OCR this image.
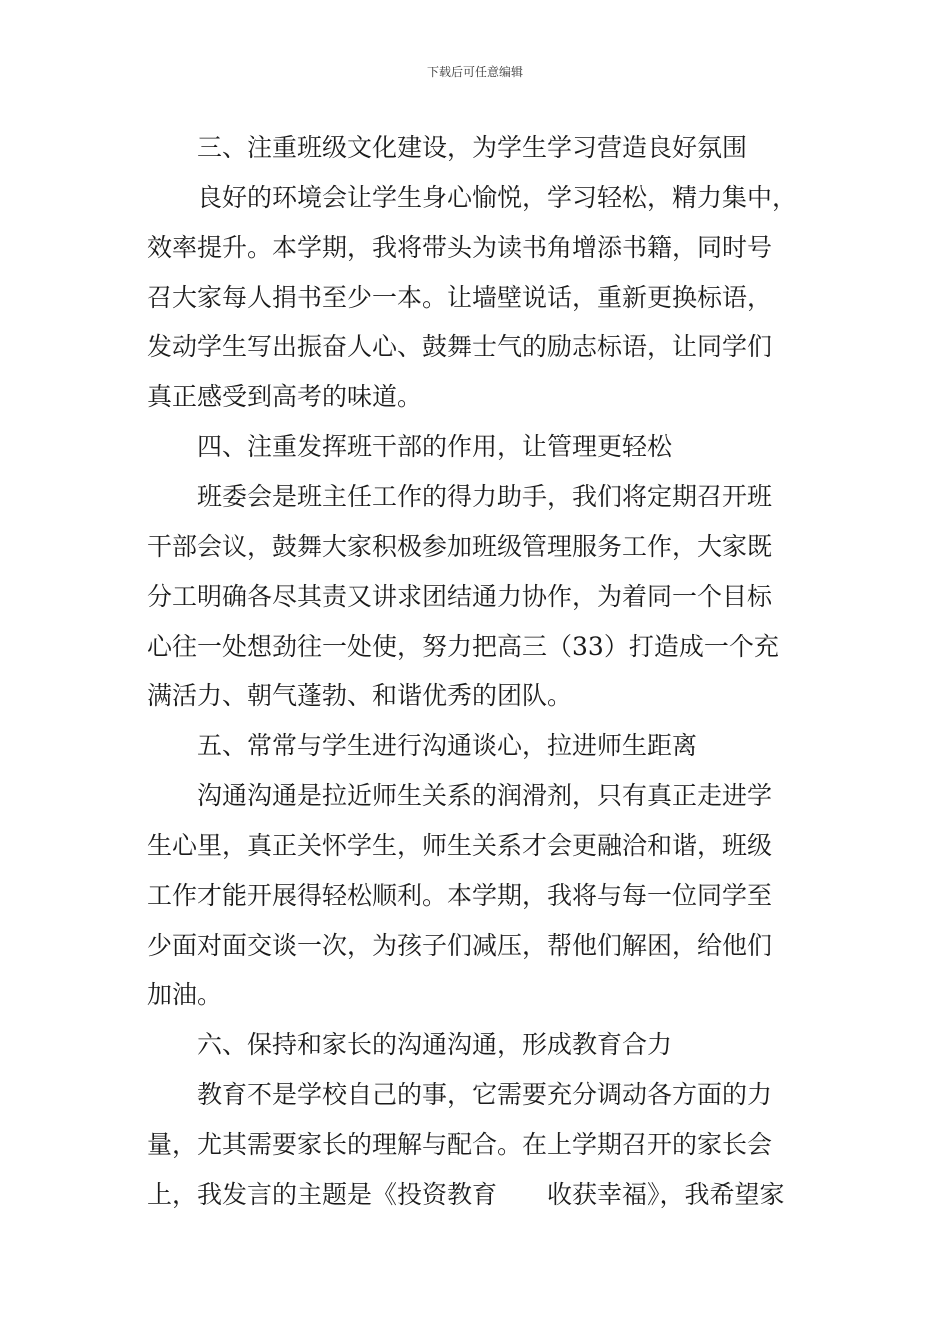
下载后可任意编辑
三、注重班级文化建设，为学生学习营造良好氛围
良好的环境会让学生身心愉悦，学习轻松，精力集中，
效率提升。本学期，我将带头为读书角增添书籍，同时号
召大家每人捐书至少一本。让墙壁说话，重新更换标语，
发动学生写出振奋人心、鼓舞士气的励志标语，让同学们
真正感受到高考的味道。
四、注重发挥班干部的作用，让管理更轻松
班委会是班主任工作的得力助手，我们将定期召开班
干部会议，鼓舞大家积极参加班级管理服务工作，大家既
分工明确各尽其责又讲求团结通力协作，为着同一个目标
心往一处想劲往一处使，努力把高三（33）打造成一个充
满活力、朝气蓬勃、和谐优秀的团队。
五、常常与学生进行沟通谈心，拉进师生距离
沟通沟通是拉近师生关系的润滑剂，只有真正走进学
生心里，真正关怀学生，师生关系才会更融洽和谐，班级
工作才能开展得轻松顺利。本学期，我将与每一位同学至
少面对面交谈一次，为孩子们减压，帮他们解困，给他们
加油。
六、保持和家长的沟通沟通，形成教育合力
教育不是学校自己的事，它需要充分调动各方面的力
量，尤其需要家长的理解与配合。在上学期召开的家长会
上，我发言的主题是《投资教育　　收获幸福》，我希望家
